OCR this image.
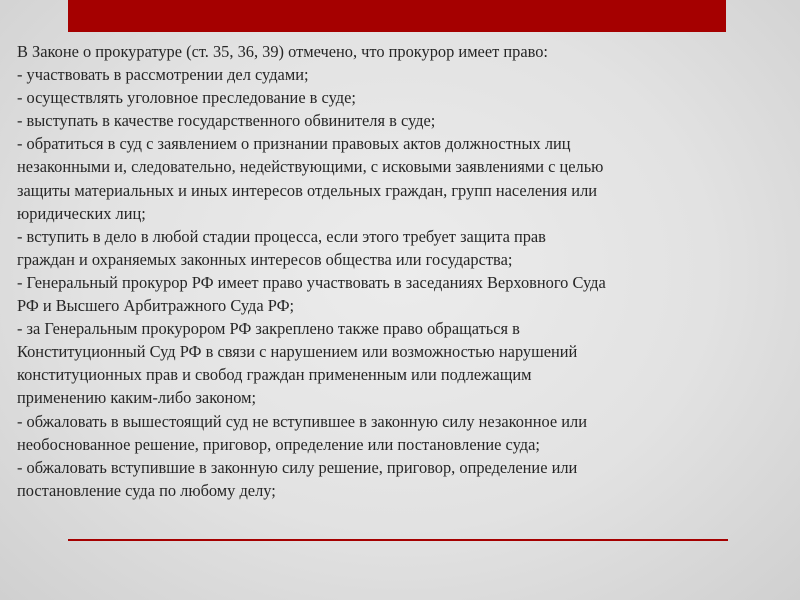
В Законе о прокуратуре (ст. 35, 36, 39) отмечено, что прокурор имеет право:

- участвовать в рассмотрении дел судами;

- осуществлять уголовное преследование в суде;

- выступать в качестве государственного обвинителя в суде;

- обратиться в суд с заявлением о признании правовых актов должностных лиц

незаконными и, следовательно, недействующими, с исковыми заявлениями с целью

защиты материальных и иных интересов отдельных граждан, групп населения или

юридических лиц;

- вступить в дело в любой стадии процесса, если этого требует защита прав

граждан и охраняемых законных интересов общества или государства;

- Генеральный прокурор РФ имеет право участвовать в заседаниях Верховного Суда

РФ и Высшего Арбитражного Суда РФ;

- за Генеральным прокурором РФ закреплено также право обращаться в

Конституционный Суд РФ в связи с нарушением или возможностью нарушений

конституционных прав и свобод граждан примененным или подлежащим

применению каким-либо законом;

- обжаловать в вышестоящий суд не вступившее в законную силу незаконное или

необоснованное решение, приговор, определение или постановление суда;

- обжаловать вступившие в законную силу решение, приговор, определение или

постановление суда по любому делу;
